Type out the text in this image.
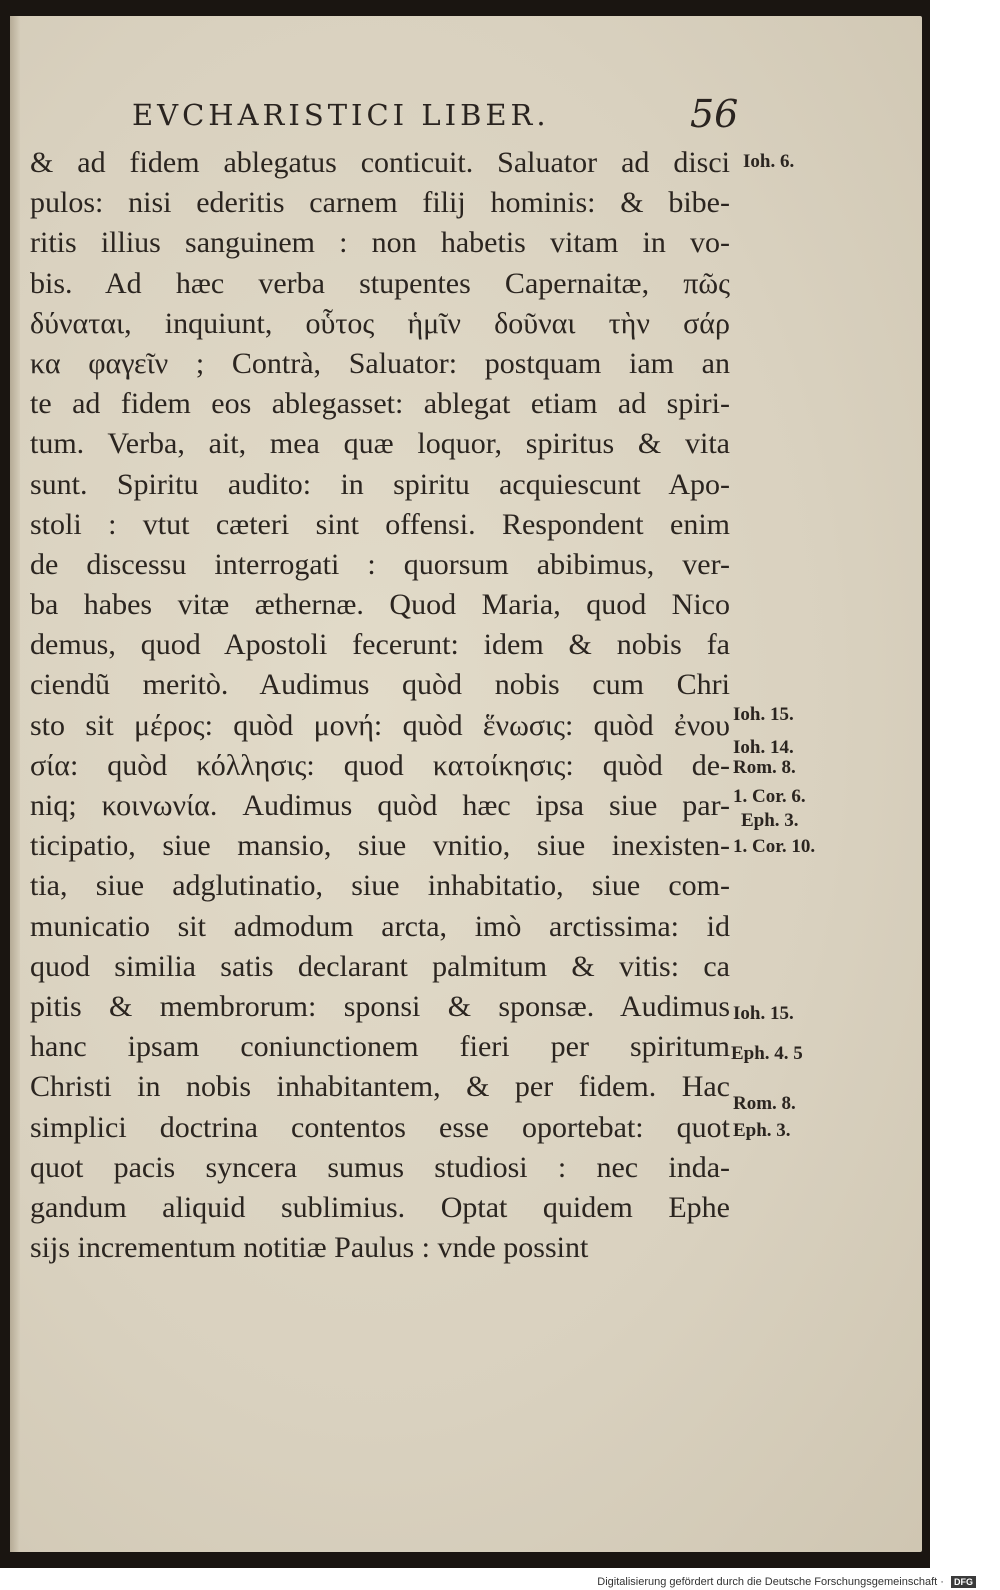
EVCHARISTICI LIBER.	56
& ad fidem ablegatus conticuit. Saluator ad disci
pulos: nisi ederitis carnem filij hominis: & bibe-
ritis illius sanguinem : non habetis vitam in vo-
bis. Ad hæc verba stupentes Capernaitæ, πῶς
δύναται, inquiunt, οὗτος ἡμῖν δοῦναι τὴν σάρ
κα φαγεῖν ; Contrà, Saluator: postquam iam an
te ad fidem eos ablegasset: ablegat etiam ad spiri-
tum. Verba, ait, mea quæ loquor, spiritus & vita
sunt. Spiritu audito: in spiritu acquiescunt Apo-
stoli : vtut cæteri sint offensi. Respondent enim
de discessu interrogati : quorsum abibimus, ver-
ba habes vitæ æthernæ. Quod Maria, quod Nico
demus, quod Apostoli fecerunt: idem & nobis fa
ciendũ meritò. Audimus quòd nobis cum Chri
sto sit μέρος: quòd μονή: quòd ἕνωσις: quòd ἐνου
σία: quòd κόλλησις: quod κατοίκησις: quòd de-
niq; κοινωνία. Audimus quòd hæc ipsa siue par-
ticipatio, siue mansio, siue vnitio, siue inexisten-
tia, siue adglutinatio, siue inhabitatio, siue com-
municatio sit admodum arcta, imò arctissima: id
quod similia satis declarant palmitum & vitis: ca
pitis & membrorum: sponsi & sponsæ. Audimus
hanc ipsam coniunctionem fieri per spiritum
Christi in nobis inhabitantem, & per fidem. Hac
simplici doctrina contentos esse oportebat: quot
quot pacis syncera sumus studiosi : nec inda-
gandum aliquid sublimius. Optat quidem Ephe
sijs incrementum notitiæ Paulus : vnde possint
Ioh. 6.
Ioh. 15.
Ioh. 14.
Rom. 8.
1. Cor. 6.
Eph. 3.
1. Cor. 10.
Ioh. 15.
Eph. 4. 5
Rom. 8.
Eph. 3.
Digitalisierung gefördert durch die Deutsche Forschungsgemeinschaft · DFG
